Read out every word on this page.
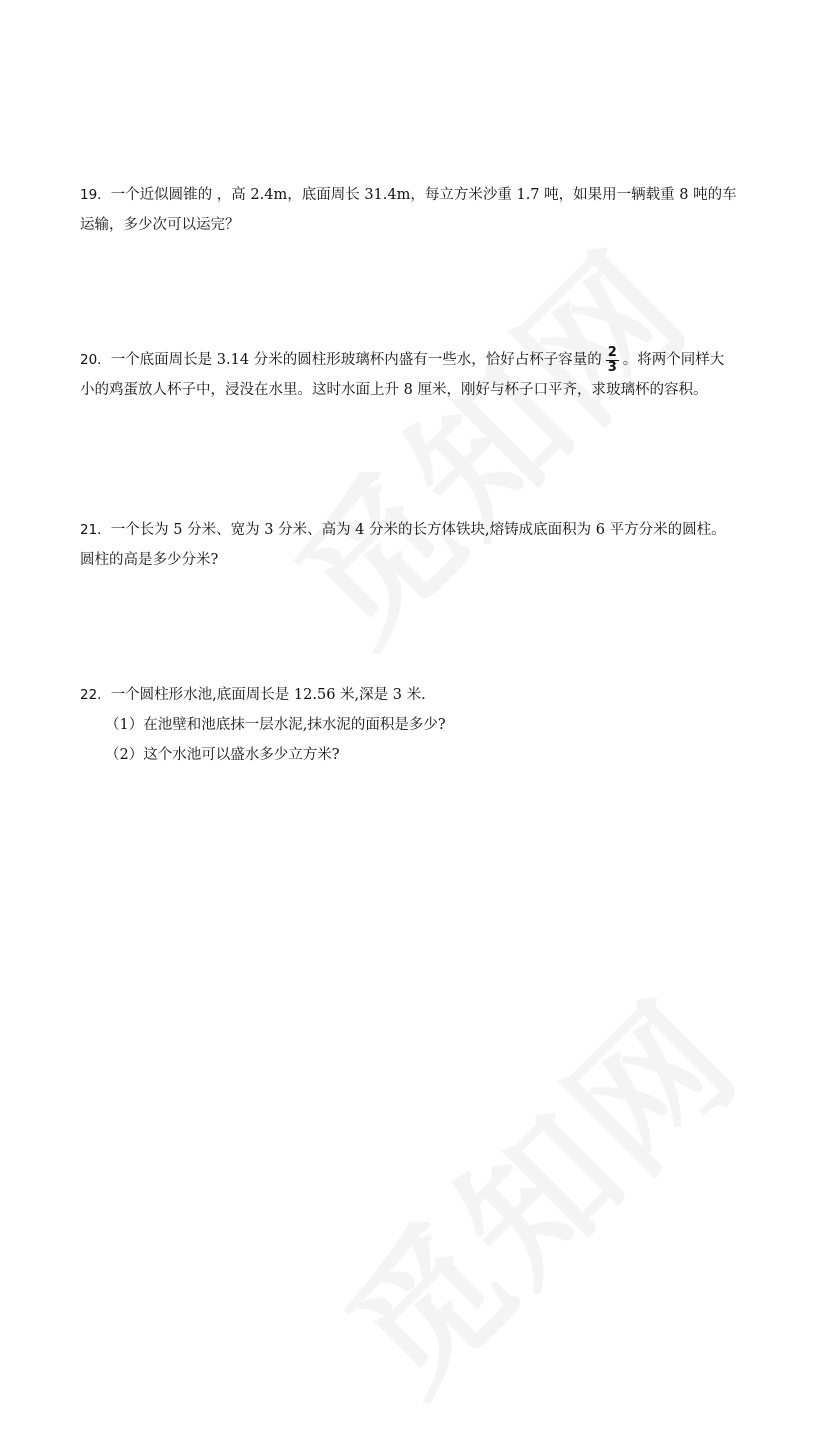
19．一个近似圆锥的 ，高 2.4m，底面周长 31.4m，每立方米沙重 1.7 吨，如果用一辆载重 8 吨的车
运输，多少次可以运完？
20．一个底面周长是 3.14 分米的圆柱形玻璃杯内盛有一些水，恰好占杯子容量的 $\frac{2}{3}$ 。将两个同样大
小的鸡蛋放人杯子中，浸没在水里。这时水面上升 8 厘米，刚好与杯子口平齐，求玻璃杯的容积。
21．一个长为 5 分米、宽为 3 分米、高为 4 分米的长方体铁块,熔铸成底面积为 6 平方分米的圆柱。
圆柱的高是多少分米?
22．一个圆柱形水池,底面周长是 12.56 米,深是 3 米.
（1）在池壁和池底抹一层水泥,抹水泥的面积是多少?
（2）这个水池可以盛水多少立方米?
